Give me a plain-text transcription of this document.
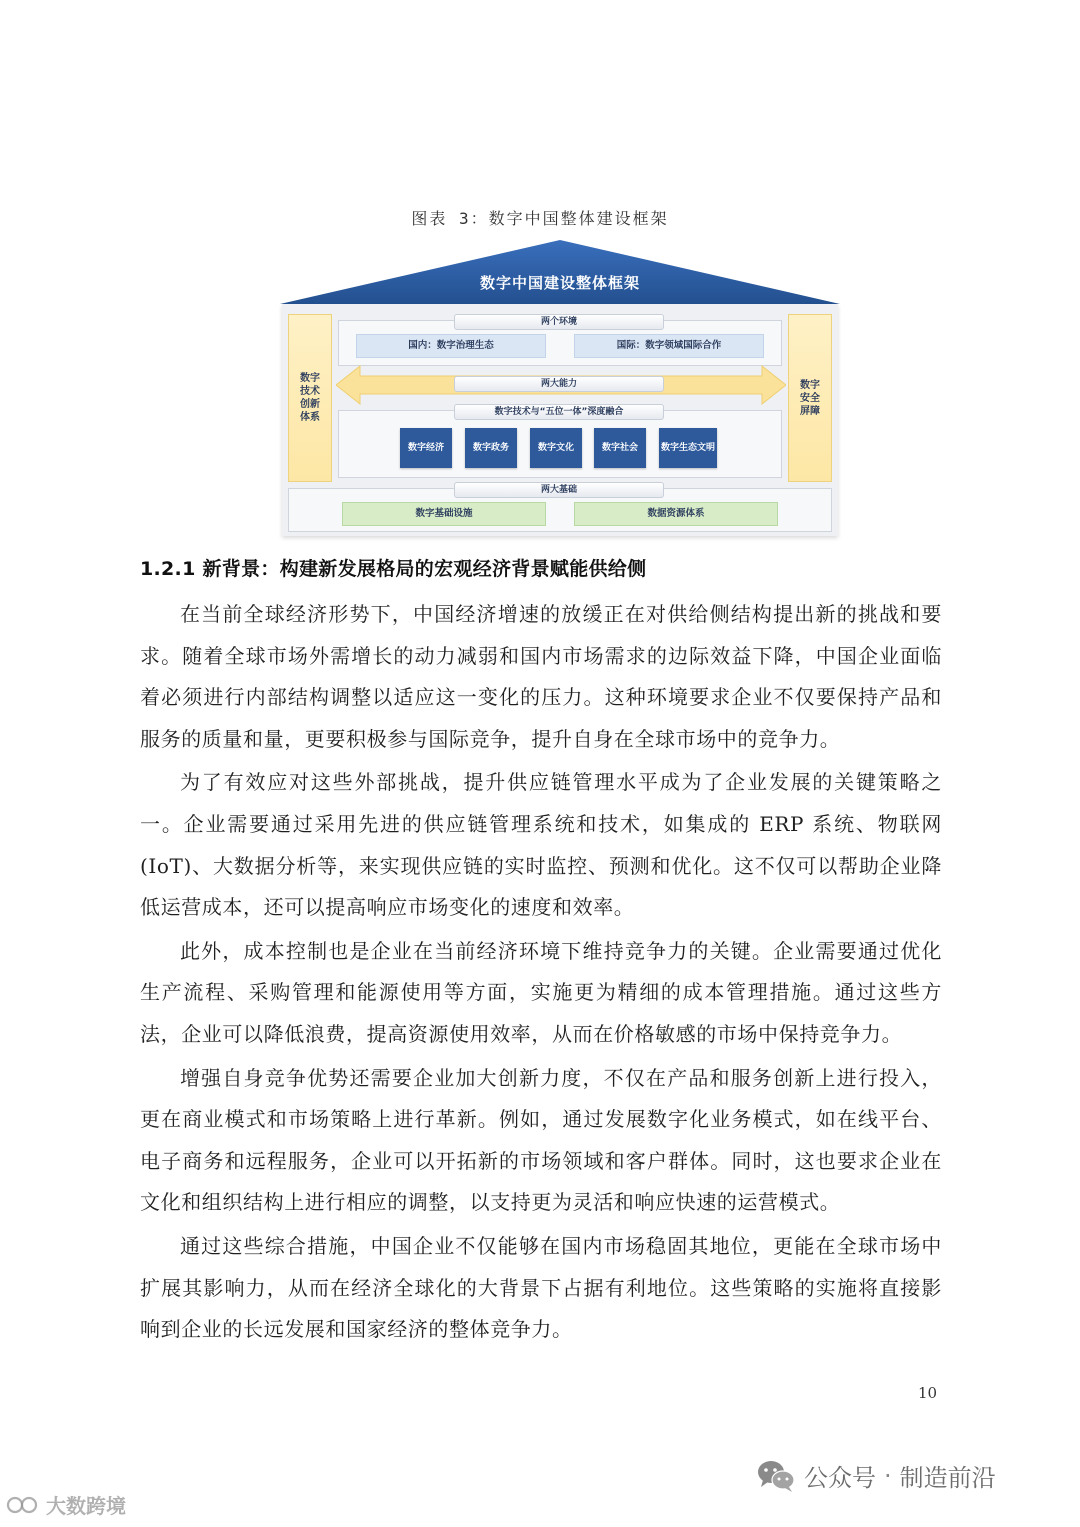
图表 3：数字中国整体建设框架
数字中国建设整体框架
数字技术创新体系
数字安全屏障
两个环境
国内：数字治理生态	国际：数字领域国际合作
两大能力
数字技术与“五位一体”深度融合
数字经济	数字政务	数字文化	数字社会	数字生态文明
两大基础
数字基础设施	数据资源体系
1.2.1 新背景：构建新发展格局的宏观经济背景赋能供给侧

在当前全球经济形势下，中国经济增速的放缓正在对供给侧结构提出新的挑战和要求。随着全球市场外需增长的动力减弱和国内市场需求的边际效益下降，中国企业面临着必须进行内部结构调整以适应这一变化的压力。这种环境要求企业不仅要保持产品和服务的质量和量，更要积极参与国际竞争，提升自身在全球市场中的竞争力。

为了有效应对这些外部挑战，提升供应链管理水平成为了企业发展的关键策略之一。企业需要通过采用先进的供应链管理系统和技术，如集成的 ERP 系统、物联网(IoT)、大数据分析等，来实现供应链的实时监控、预测和优化。这不仅可以帮助企业降低运营成本，还可以提高响应市场变化的速度和效率。

此外，成本控制也是企业在当前经济环境下维持竞争力的关键。企业需要通过优化生产流程、采购管理和能源使用等方面，实施更为精细的成本管理措施。通过这些方法，企业可以降低浪费，提高资源使用效率，从而在价格敏感的市场中保持竞争力。

增强自身竞争优势还需要企业加大创新力度，不仅在产品和服务创新上进行投入，更在商业模式和市场策略上进行革新。例如，通过发展数字化业务模式，如在线平台、电子商务和远程服务，企业可以开拓新的市场领域和客户群体。同时，这也要求企业在文化和组织结构上进行相应的调整，以支持更为灵活和响应快速的运营模式。

通过这些综合措施，中国企业不仅能够在国内市场稳固其地位，更能在全球市场中扩展其影响力，从而在经济全球化的大背景下占据有利地位。这些策略的实施将直接影响到企业的长远发展和国家经济的整体竞争力。

10
大数跨境
公众号 · 制造前沿
